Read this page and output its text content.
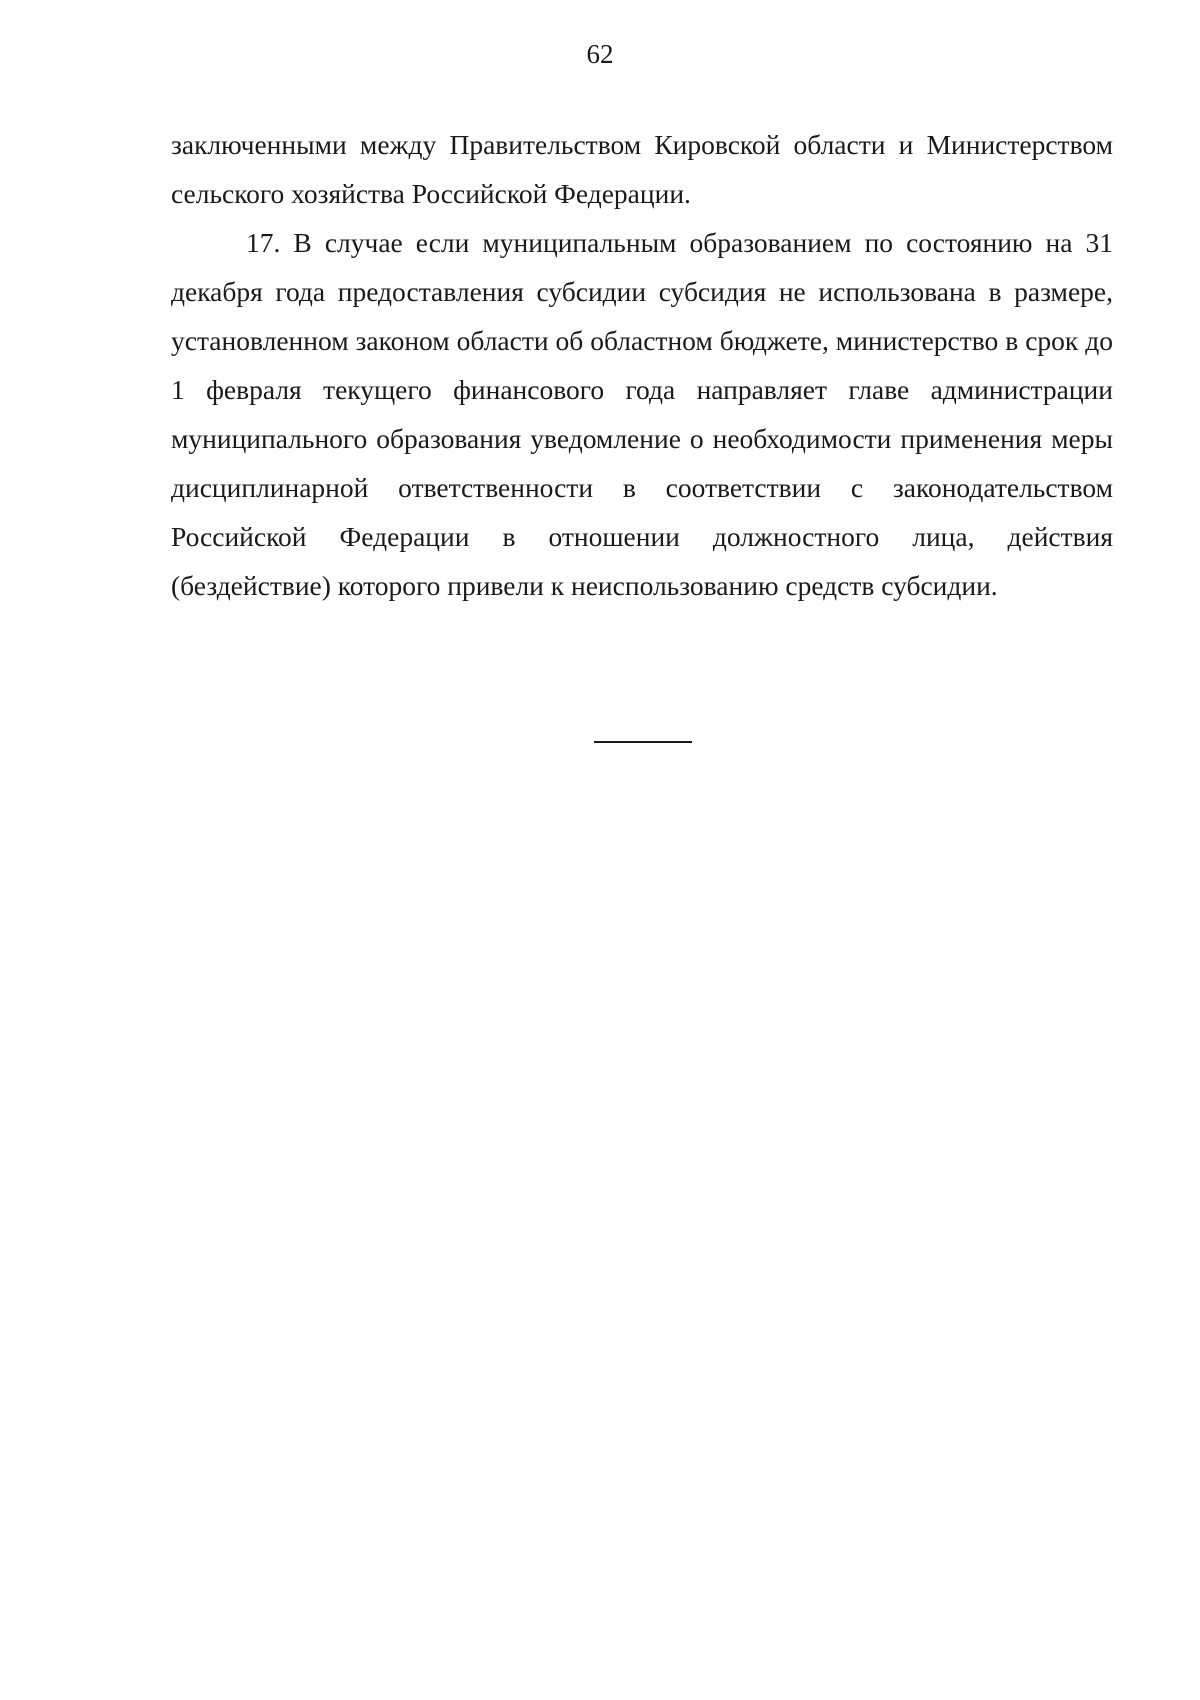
62

заключенными между Правительством Кировской области и Министерством сельского хозяйства Российской Федерации.

17. В случае если муниципальным образованием по состоянию на 31 декабря года предоставления субсидии субсидия не использована в размере, установленном законом области об областном бюджете, министерство в срок до 1 февраля текущего финансового года направляет главе администрации муниципального образования уведомление о необходимости применения меры дисциплинарной ответственности в соответствии с законодательством Российской Федерации в отношении должностного лица, действия (бездействие) которого привели к неиспользованию средств субсидии.
